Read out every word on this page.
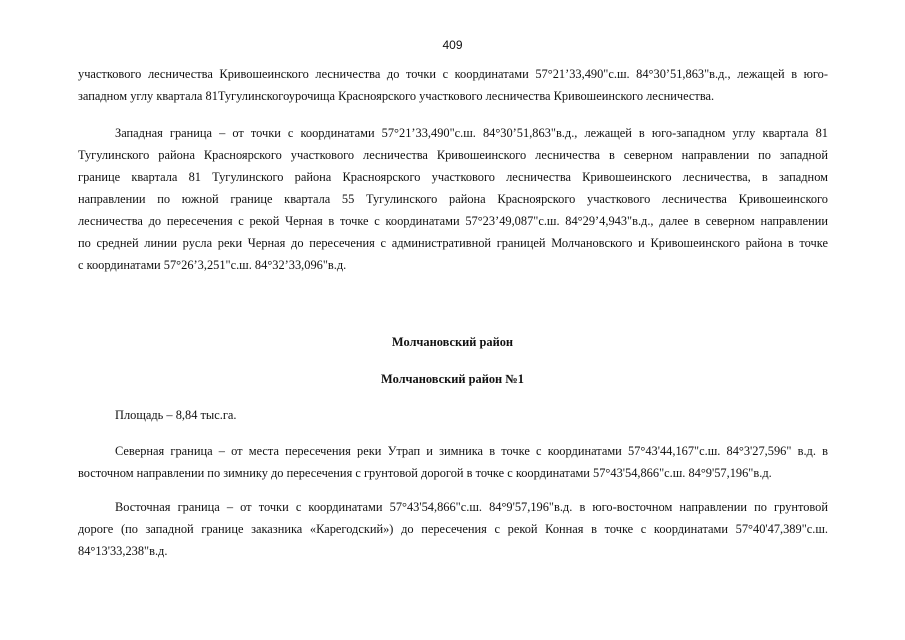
409
участкового лесничества Кривошеинского лесничества до точки с координатами 57°21’33,490"с.ш. 84°30’51,863"в.д., лежащей в юго-
западном углу квартала 81Тугулинскогоурочища Красноярского участкового лесничества Кривошеинского лесничества.
Западная граница – от точки с координатами 57°21’33,490"с.ш. 84°30’51,863"в.д., лежащей в юго-западном углу квартала 81
Тугулинского района Красноярского участкового лесничества Кривошеинского лесничества в северном направлении по западной
границе квартала 81 Тугулинского района Красноярского участкового лесничества Кривошеинского лесничества, в западном
направлении по южной границе квартала 55 Тугулинского района Красноярского участкового лесничества Кривошеинского
лесничества до пересечения с рекой Черная в точке с координатами 57°23’49,087"с.ш. 84°29’4,943"в.д., далее в северном направлении
по средней линии русла реки Черная до пересечения с административной границей Молчановского и Кривошеинского района в точке
с координатами 57°26’3,251"с.ш. 84°32’33,096"в.д.
Молчановский район
Молчановский район №1
Площадь – 8,84 тыс.га.
Северная граница – от места пересечения реки Утрап и зимника в точке с координатами 57°43'44,167"с.ш. 84°3'27,596" в.д. в
восточном направлении по зимнику до пересечения с грунтовой дорогой в точке с координатами 57°43'54,866"с.ш. 84°9'57,196"в.д.
Восточная граница – от точки с координатами 57°43'54,866"с.ш. 84°9'57,196"в.д. в юго-восточном направлении по грунтовой
дороге (по западной границе заказника «Карегодский») до пересечения с рекой Конная в точке с координатами 57°40'47,389"с.ш.
84°13'33,238"в.д.
